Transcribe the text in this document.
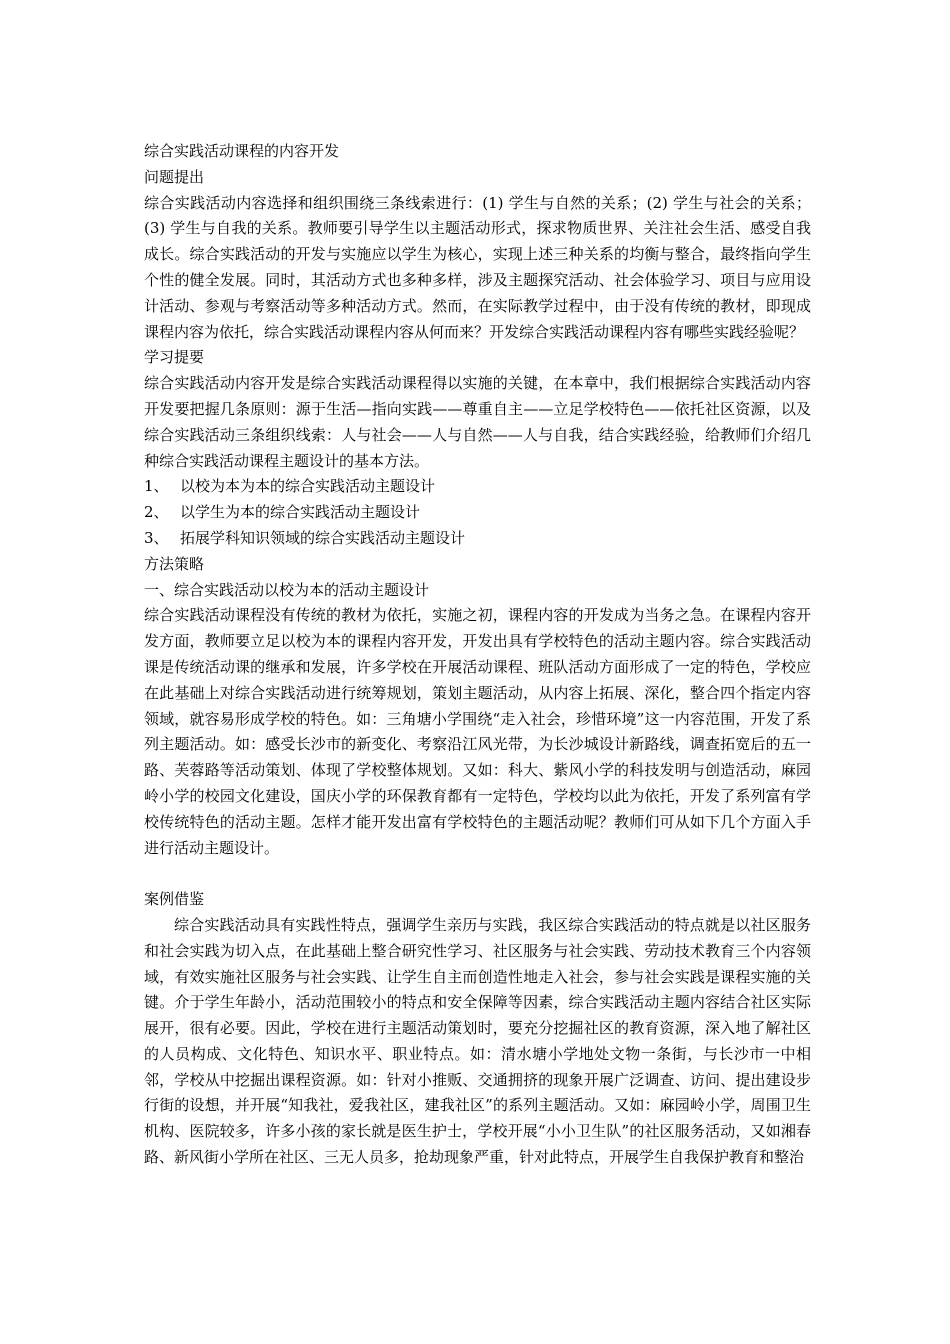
综合实践活动课程的内容开发
问题提出
综合实践活动内容选择和组织围绕三条线索进行：(1) 学生与自然的关系；(2) 学生与社会的关系；(3) 学生与自我的关系。教师要引导学生以主题活动形式，探求物质世界、关注社会生活、感受自我成长。综合实践活动的开发与实施应以学生为核心，实现上述三种关系的均衡与整合，最终指向学生个性的健全发展。同时，其活动方式也多种多样，涉及主题探究活动、社会体验学习、项目与应用设计活动、参观与考察活动等多种活动方式。然而，在实际教学过程中，由于没有传统的教材，即现成课程内容为依托，综合实践活动课程内容从何而来？开发综合实践活动课程内容有哪些实践经验呢？
学习提要
综合实践活动内容开发是综合实践活动课程得以实施的关键，在本章中，我们根据综合实践活动内容开发要把握几条原则：源于生活—指向实践——尊重自主——立足学校特色——依托社区资源，以及综合实践活动三条组织线索：人与社会——人与自然——人与自我，结合实践经验，给教师们介绍几种综合实践活动课程主题设计的基本方法。
1、 以校为本为本的综合实践活动主题设计
2、 以学生为本的综合实践活动主题设计
3、 拓展学科知识领域的综合实践活动主题设计
方法策略
一、综合实践活动以校为本的活动主题设计
综合实践活动课程没有传统的教材为依托，实施之初，课程内容的开发成为当务之急。在课程内容开发方面，教师要立足以校为本的课程内容开发，开发出具有学校特色的活动主题内容。综合实践活动课是传统活动课的继承和发展，许多学校在开展活动课程、班队活动方面形成了一定的特色，学校应在此基础上对综合实践活动进行统筹规划，策划主题活动，从内容上拓展、深化，整合四个指定内容领域，就容易形成学校的特色。如：三角塘小学围绕“走入社会，珍惜环境”这一内容范围，开发了系列主题活动。如：感受长沙市的新变化、考察沿江风光带，为长沙城设计新路线，调查拓宽后的五一路、芙蓉路等活动策划、体现了学校整体规划。又如：科大、紫风小学的科技发明与创造活动，麻园岭小学的校园文化建设，国庆小学的环保教育都有一定特色，学校均以此为依托，开发了系列富有学校传统特色的活动主题。怎样才能开发出富有学校特色的主题活动呢？教师们可从如下几个方面入手进行活动主题设计。
案例借鉴
综合实践活动具有实践性特点，强调学生亲历与实践，我区综合实践活动的特点就是以社区服务和社会实践为切入点，在此基础上整合研究性学习、社区服务与社会实践、劳动技术教育三个内容领域，有效实施社区服务与社会实践、让学生自主而创造性地走入社会，参与社会实践是课程实施的关键。介于学生年龄小，活动范围较小的特点和安全保障等因素，综合实践活动主题内容结合社区实际展开，很有必要。因此，学校在进行主题活动策划时，要充分挖掘社区的教育资源，深入地了解社区的人员构成、文化特色、知识水平、职业特点。如：清水塘小学地处文物一条街，与长沙市一中相邻，学校从中挖掘出课程资源。如：针对小推贩、交通拥挤的现象开展广泛调查、访问、提出建设步行街的设想，并开展“知我社，爱我社区，建我社区”的系列主题活动。又如：麻园岭小学，周围卫生机构、医院较多，许多小孩的家长就是医生护士，学校开展“小小卫生队”的社区服务活动，又如湘春路、新风街小学所在社区、三无人员多，抢劫现象严重，针对此特点，开展学生自我保护教育和整治
